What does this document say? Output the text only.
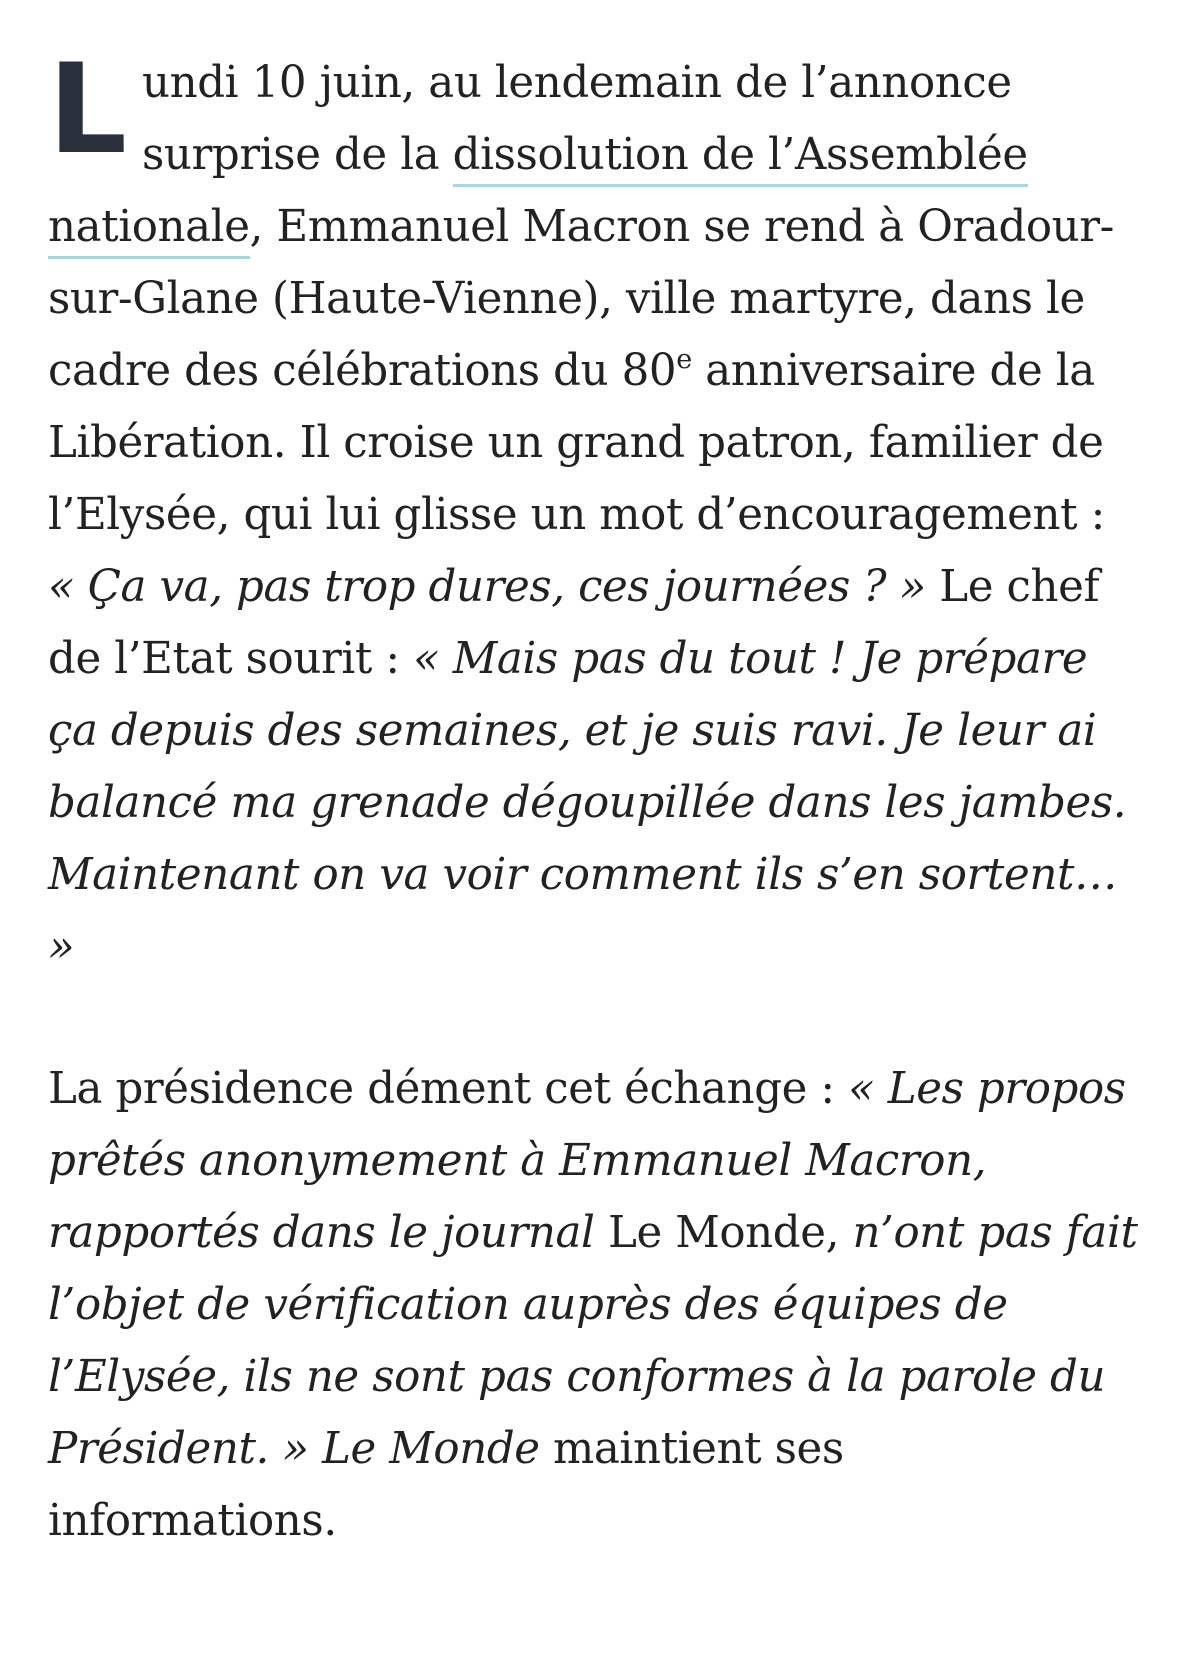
Lundi 10 juin, au lendemain de l’annonce surprise de la dissolution de l’Assemblée nationale, Emmanuel Macron se rend à Oradour-sur-Glane (Haute-Vienne), ville martyre, dans le cadre des célébrations du 80e anniversaire de la Libération. Il croise un grand patron, familier de l’Elysée, qui lui glisse un mot d’encouragement : « Ça va, pas trop dures, ces journées ? » Le chef de l’Etat sourit : « Mais pas du tout ! Je prépare ça depuis des semaines, et je suis ravi. Je leur ai balancé ma grenade dégoupillée dans les jambes. Maintenant on va voir comment ils s’en sortent… »

La présidence dément cet échange : « Les propos prêtés anonymement à Emmanuel Macron, rapportés dans le journal Le Monde, n’ont pas fait l’objet de vérification auprès des équipes de l’Elysée, ils ne sont pas conformes à la parole du Président. » Le Monde maintient ses informations.
